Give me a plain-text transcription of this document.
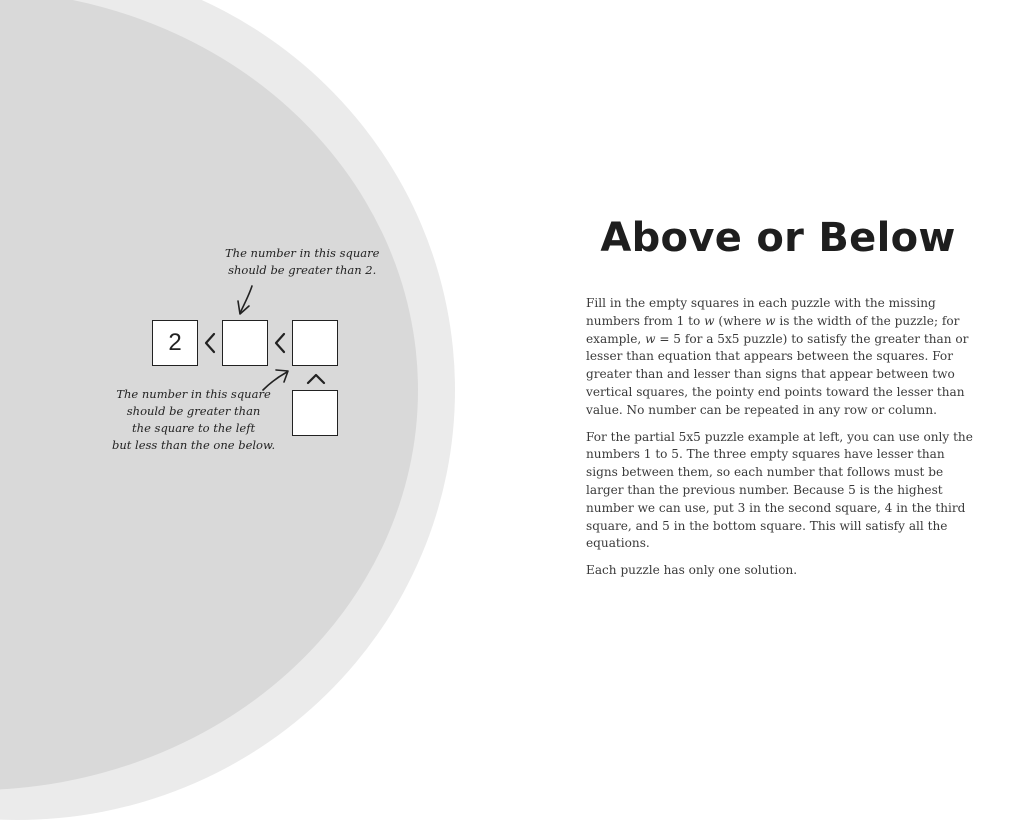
The number in this square
should be greater than 2.
The number in this square
should be greater than
the square to the left
but less than the one below.
2
Above or Below

Fill in the empty squares in each puzzle with the missing numbers from 1 to w (where w is the width of the puzzle; for example, w = 5 for a 5x5 puzzle) to satisfy the greater than or lesser than equation that appears between the squares. For greater than and lesser than signs that appear between two vertical squares, the pointy end points toward the lesser than value. No number can be repeated in any row or column.

For the partial 5x5 puzzle example at left, you can use only the numbers 1 to 5. The three empty squares have lesser than signs between them, so each number that follows must be larger than the previous number. Because 5 is the highest number we can use, put 3 in the second square, 4 in the third square, and 5 in the bottom square. This will satisfy all the equations.

Each puzzle has only one solution.
